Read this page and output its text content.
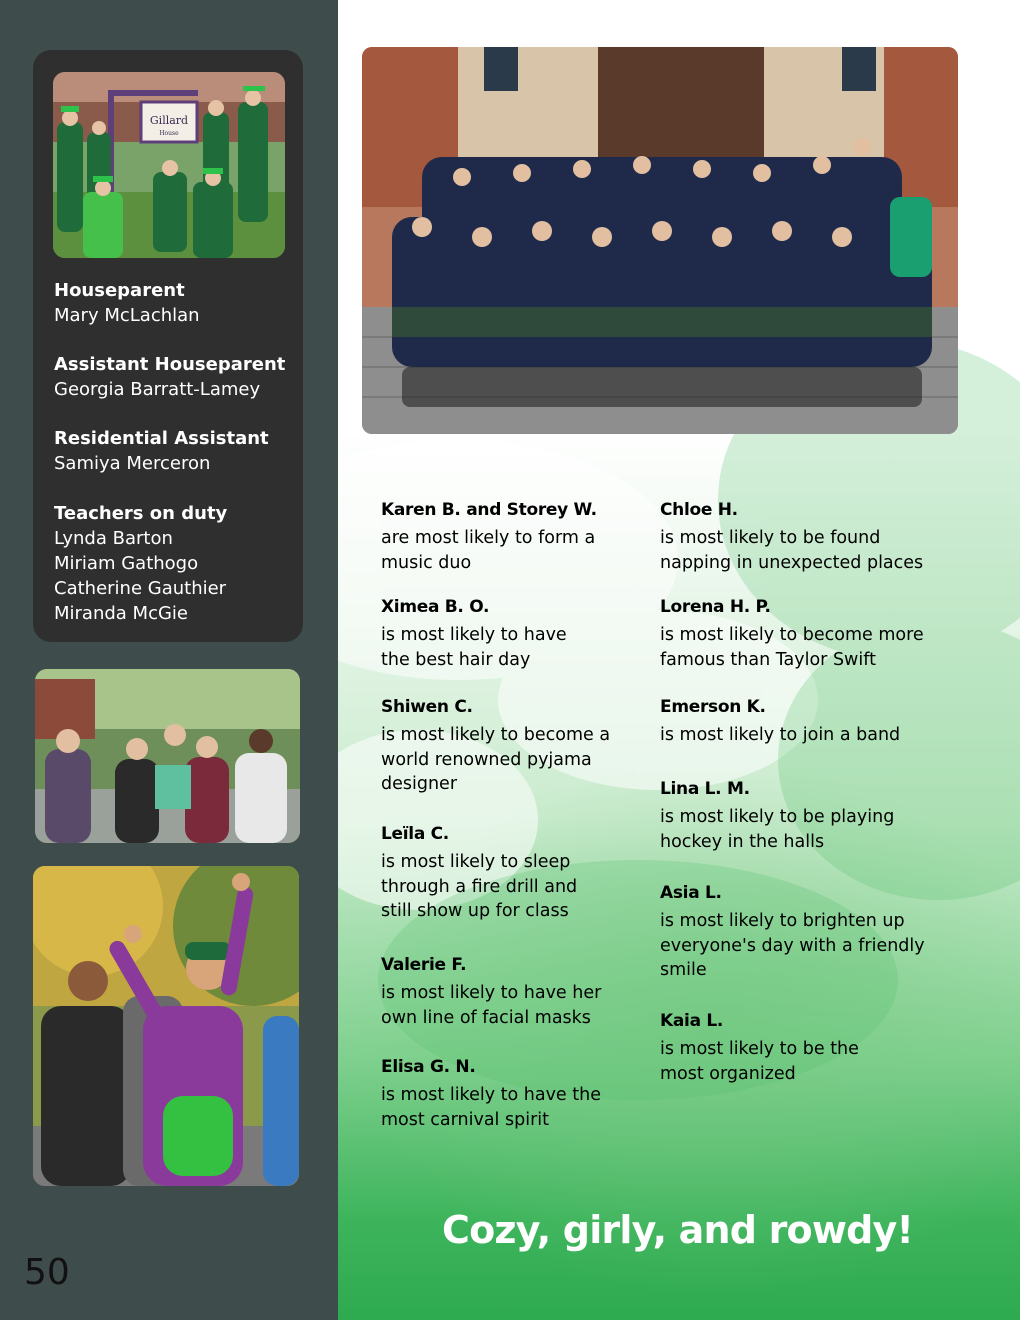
Gillard
House
Houseparent
Mary McLachlan
Assistant Houseparent
Georgia Barratt-Lamey
Residential Assistant
Samiya Merceron
Teachers on duty
Lynda Barton
Miriam Gathogo
Catherine Gauthier
Miranda McGie
50
Karen B. and Storey W.
are most likely to form a music duo
Ximea B. O.
is most likely to have the best hair day
Shiwen C.
is most likely to become a world renowned pyjama designer
Leïla C.
is most likely to sleep through a fire drill and still show up for class
Valerie F.
is most likely to have her own line of facial masks
Elisa G. N.
is most likely to have the most carnival spirit
Chloe H.
is most likely to be found napping in unexpected places
Lorena H. P.
is most likely to become more famous than Taylor Swift
Emerson K.
is most likely to join a band
Lina L. M.
is most likely to be playing hockey in the halls
Asia L.
is most likely to brighten up everyone's day with a friendly smile
Kaia L.
is most likely to be the most organized
Cozy, girly, and rowdy!
